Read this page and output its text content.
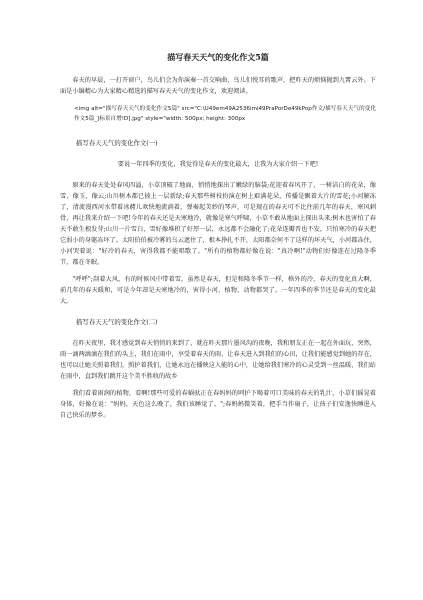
描写春天天气的变化作文5篇

春天的早晨，一打开窗户，鸟儿们会为你演奏一首交响曲，鸟儿们悦耳的歌声，把昨天的烦恼抛到九霄云外。下面是小编精心为大家精心精选的描写春天天气的变化作文，欢迎阅读。

<img alt="描写春天天气的变化作文5篇" src="C:\U49em49A2536imi49PraPorDe49kPop作文/描写春天天气的变化作文5篇_]标景自增!D].jpg" style="width: 500px; height: 300px

描写春天天气的变化作文(一)

要说一年四季的变化，我觉得是春天的变化最大，让我为大家介绍一下吧!

原来的春天处处春风四溢，小草顶破了地面，悄悄地探出了嫩绿的脑袋;花迎着春风开了，一树洁白的花朵，像雪、像玉、像云;山川树木都已披上一层新绿;春天那些树枝扮演在树上艰满花朵，传播是飘着大片的雪花;小河解冻了，清流漫西河水带着冰赭儿欢快地流淌着，弹奏起美妙的琴声，可是现在的春天可不比往前几年的春天，寒风刺骨，再让我来介绍一下吧!今年的春天还是天寒地冷，就像是寒气呼啸，小草不敢从地面上探出头来;树木也害怕了春天不敢生根发芽;山川一片雪白，雪好像堆积了好厚一层，永远都不会融化了;花朵连瓣晋也不发，只怕寒冷的春天把它弱小的身躯冻坏了。太阳伯伯被冷雾的乌云遮住了，根本挣扎不开，太阳都奈何不了这样的坏天气，小河都冻住，小河哭着说："好冷的春天，害得我都不能唱歌了。"所有的植物都好像在说："真冷啊!"动物们好像连在过隆冬季节，都在冬眠。

"呼呼";刮着大风，有的时候风中带着雪，虽然是春天，但是和隆冬季节一样，格外的冷，春天的变化真大啊，前几年的春天暖和，可是今年却是天寒地冷的，害得小河、植物、动物都哭了。一年四季的季节还是春天的变化最大。

描写春天天气的变化作文(二)

在昨天夜里，我才感觉到春天悄悄的来到了，就在昨天那片墨风沟的夜晚，我和朋友正在一起在外面玩，突然，雨一滴两滴滴在我们的头上，我们在雨中，享受着春天的雨，让春天进入到我们的心田，让我们能感觉到她的存在，也可以让她关照着我们，照护着我们，让她永远在播映这人能的心中，让她给我们寒冷的心灵受到一丝温暖，我们站在雨中，直到我们跳开这个美不胜收的故乡

我们看着雨润的植物，看啊!那些可爱的春蜗驮正在春妈妈的呵护下喝着可口美味的春天的乳汁，小草们摇晃着身体，好像在说："妈妈，天色这么晚了，我们该睡觉了。";春蚂蚂微笑着，把手当作扇子，让孩子们安逸快睡进入自己快乐的梦乡。
